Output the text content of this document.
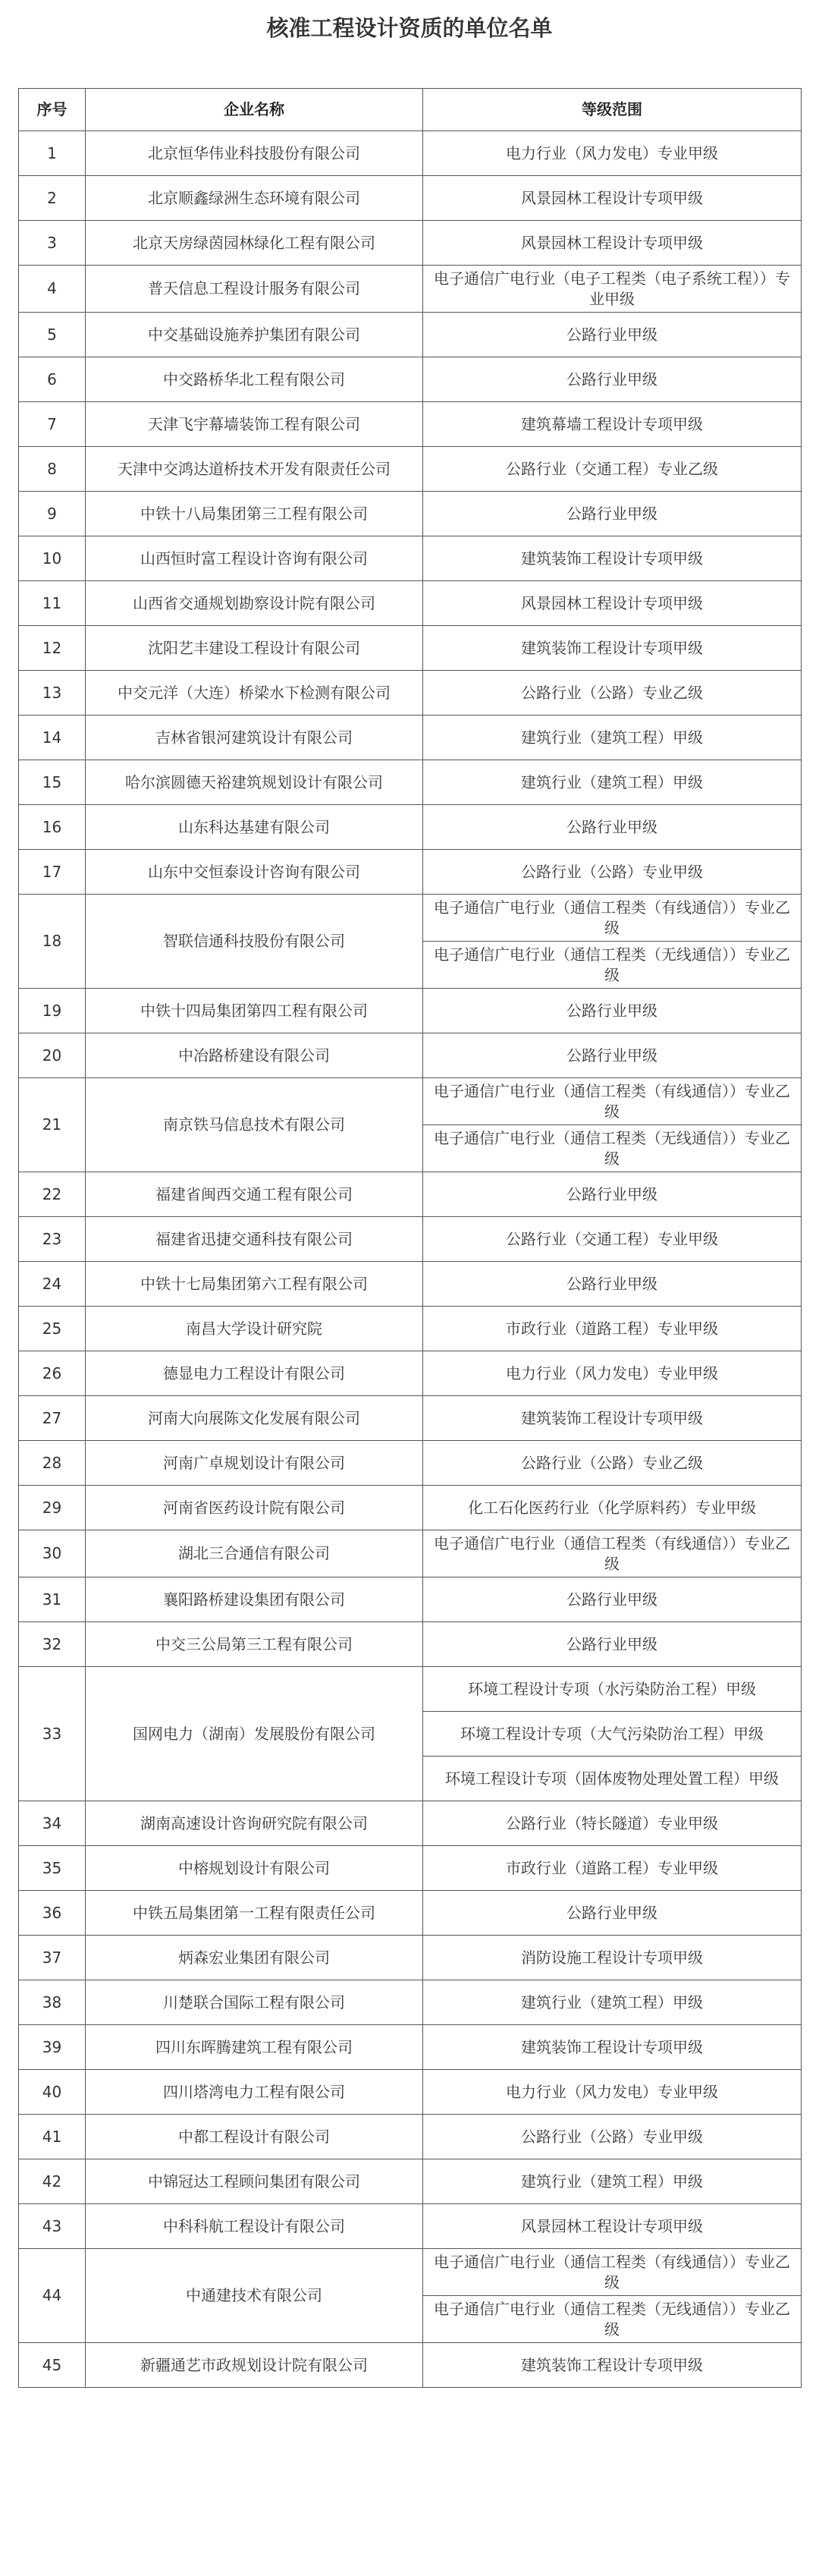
核准工程设计资质的单位名单
序号	企业名称	等级范围
1	北京恒华伟业科技股份有限公司	电力行业（风力发电）专业甲级
2	北京顺鑫绿洲生态环境有限公司	风景园林工程设计专项甲级
3	北京天房绿茵园林绿化工程有限公司	风景园林工程设计专项甲级
4	普天信息工程设计服务有限公司	电子通信广电行业（电子工程类（电子系统工程））专业甲级
5	中交基础设施养护集团有限公司	公路行业甲级
6	中交路桥华北工程有限公司	公路行业甲级
7	天津飞宇幕墙装饰工程有限公司	建筑幕墙工程设计专项甲级
8	天津中交鸿达道桥技术开发有限责任公司	公路行业（交通工程）专业乙级
9	中铁十八局集团第三工程有限公司	公路行业甲级
10	山西恒时富工程设计咨询有限公司	建筑装饰工程设计专项甲级
11	山西省交通规划勘察设计院有限公司	风景园林工程设计专项甲级
12	沈阳艺丰建设工程设计有限公司	建筑装饰工程设计专项甲级
13	中交元洋（大连）桥梁水下检测有限公司	公路行业（公路）专业乙级
14	吉林省银河建筑设计有限公司	建筑行业（建筑工程）甲级
15	哈尔滨圆德天裕建筑规划设计有限公司	建筑行业（建筑工程）甲级
16	山东科达基建有限公司	公路行业甲级
17	山东中交恒泰设计咨询有限公司	公路行业（公路）专业甲级
18	智联信通科技股份有限公司	电子通信广电行业（通信工程类（有线通信））专业乙级
		电子通信广电行业（通信工程类（无线通信））专业乙级
19	中铁十四局集团第四工程有限公司	公路行业甲级
20	中冶路桥建设有限公司	公路行业甲级
21	南京铁马信息技术有限公司	电子通信广电行业（通信工程类（有线通信））专业乙级
		电子通信广电行业（通信工程类（无线通信））专业乙级
22	福建省闽西交通工程有限公司	公路行业甲级
23	福建省迅捷交通科技有限公司	公路行业（交通工程）专业甲级
24	中铁十七局集团第六工程有限公司	公路行业甲级
25	南昌大学设计研究院	市政行业（道路工程）专业甲级
26	德显电力工程设计有限公司	电力行业（风力发电）专业甲级
27	河南大向展陈文化发展有限公司	建筑装饰工程设计专项甲级
28	河南广卓规划设计有限公司	公路行业（公路）专业乙级
29	河南省医药设计院有限公司	化工石化医药行业（化学原料药）专业甲级
30	湖北三合通信有限公司	电子通信广电行业（通信工程类（有线通信））专业乙级
31	襄阳路桥建设集团有限公司	公路行业甲级
32	中交三公局第三工程有限公司	公路行业甲级
33	国网电力（湖南）发展股份有限公司	环境工程设计专项（水污染防治工程）甲级
		环境工程设计专项（大气污染防治工程）甲级
		环境工程设计专项（固体废物处理处置工程）甲级
34	湖南高速设计咨询研究院有限公司	公路行业（特长隧道）专业甲级
35	中榕规划设计有限公司	市政行业（道路工程）专业甲级
36	中铁五局集团第一工程有限责任公司	公路行业甲级
37	炳森宏业集团有限公司	消防设施工程设计专项甲级
38	川楚联合国际工程有限公司	建筑行业（建筑工程）甲级
39	四川东晖腾建筑工程有限公司	建筑装饰工程设计专项甲级
40	四川塔湾电力工程有限公司	电力行业（风力发电）专业甲级
41	中都工程设计有限公司	公路行业（公路）专业甲级
42	中锦冠达工程顾问集团有限公司	建筑行业（建筑工程）甲级
43	中科科航工程设计有限公司	风景园林工程设计专项甲级
44	中通建技术有限公司	电子通信广电行业（通信工程类（有线通信））专业乙级
		电子通信广电行业（通信工程类（无线通信））专业乙级
45	新疆通艺市政规划设计院有限公司	建筑装饰工程设计专项甲级
